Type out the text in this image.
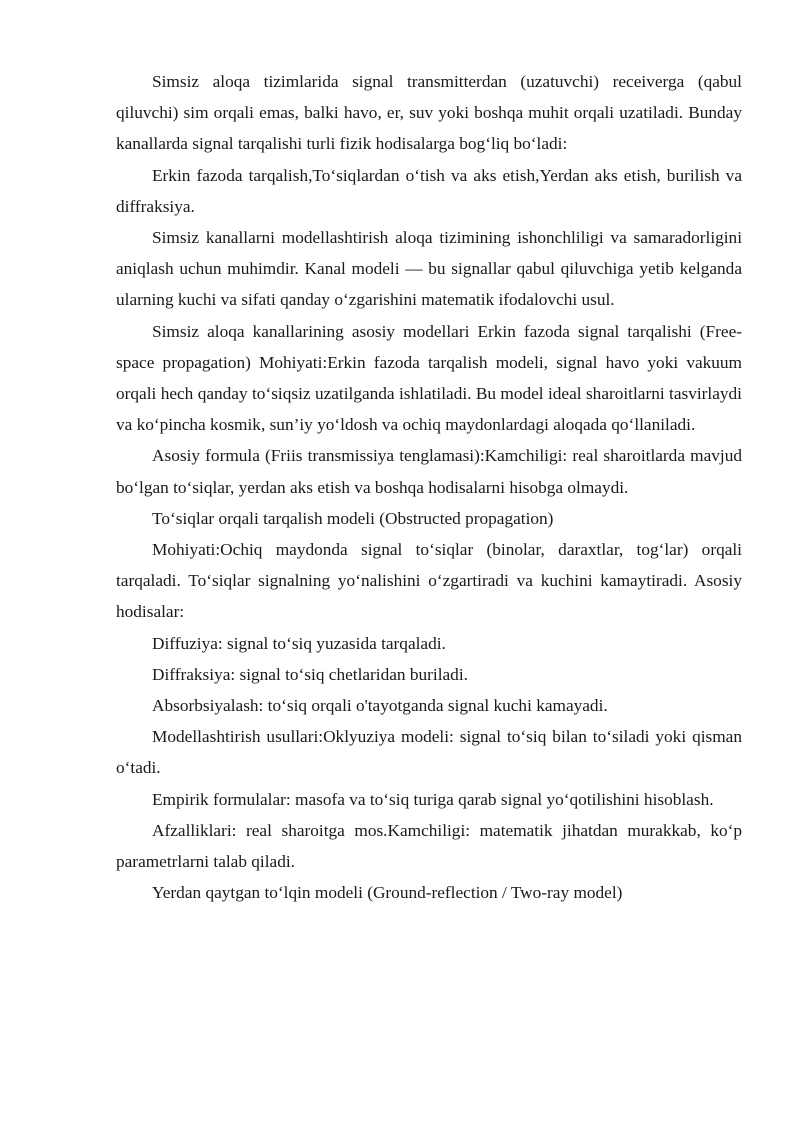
Simsiz aloqa tizimlarida signal transmitterdan (uzatuvchi) receiverga (qabul qiluvchi) sim orqali emas, balki havo, er, suv yoki boshqa muhit orqali uzatiladi. Bunday kanallarda signal tarqalishi turli fizik hodisalarga bog‘liq bo‘ladi:

Erkin fazoda tarqalish,To‘siqlardan o‘tish va aks etish,Yerdan aks etish, burilish va diffraksiya.

Simsiz kanallarni modellashtirish aloqa tizimining ishonchliligi va samaradorligini aniqlash uchun muhimdir. Kanal modeli — bu signallar qabul qiluvchiga yetib kelganda ularning kuchi va sifati qanday o‘zgarishini matematik ifodalovchi usul.

Simsiz aloqa kanallarining asosiy modellari Erkin fazoda signal tarqalishi (Free-space propagation) Mohiyati:Erkin fazoda tarqalish modeli, signal havo yoki vakuum orqali hech qanday to‘siqsiz uzatilganda ishlatiladi. Bu model ideal sharoitlarni tasvirlaydi va ko‘pincha kosmik, sun’iy yo‘ldosh va ochiq maydonlardagi aloqada qo‘llaniladi.

Asosiy formula (Friis transmissiya tenglamasi):Kamchiligi: real sharoitlarda mavjud bo‘lgan to‘siqlar, yerdan aks etish va boshqa hodisalarni hisobga olmaydi.

To‘siqlar orqali tarqalish modeli (Obstructed propagation)

Mohiyati:Ochiq maydonda signal to‘siqlar (binolar, daraxtlar, tog‘lar) orqali tarqaladi. To‘siqlar signalning yo‘nalishini o‘zgartiradi va kuchini kamaytiradi. Asosiy hodisalar:

Diffuziya: signal to‘siq yuzasida tarqaladi.

Diffraksiya: signal to‘siq chetlaridan buriladi.

Absorbsiyalash: to‘siq orqali o'tayotganda signal kuchi kamayadi.

Modellashtirish usullari:Oklyuziya modeli: signal to‘siq bilan to‘siladi yoki qisman o‘tadi.

Empirik formulalar: masofa va to‘siq turiga qarab signal yo‘qotilishini hisoblash.

Afzalliklari: real sharoitga mos.Kamchiligi: matematik jihatdan murakkab, ko‘p parametrlarni talab qiladi.

Yerdan qaytgan to‘lqin modeli (Ground-reflection / Two-ray model)
